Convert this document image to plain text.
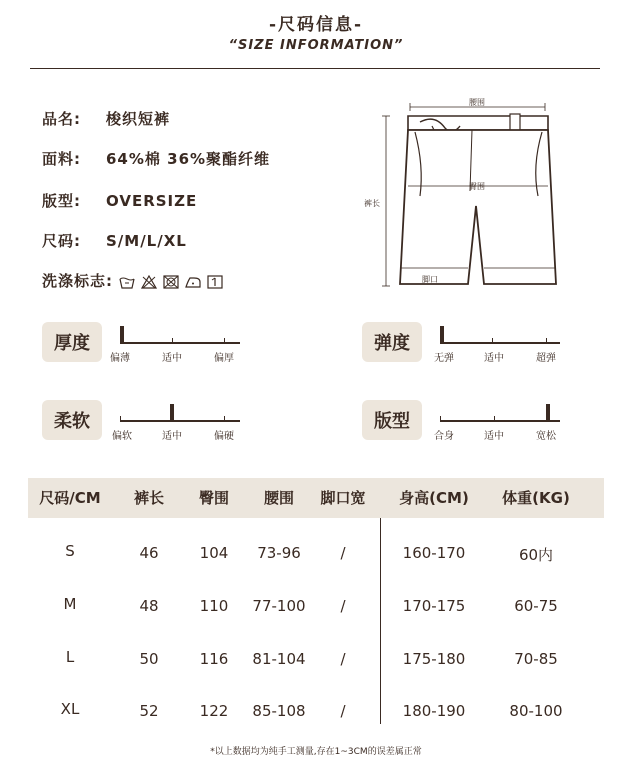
-尺码信息-
“SIZE INFORMATION”
品名: 梭织短裤
面料: 64%棉 36%聚酯纤维
版型: OVERSIZE
尺码: S/M/L/XL
洗涤标志:
腰围
臀围
裤长
脚口
厚度
偏薄	适中	偏厚
弹度
无弹	适中	超弹
柔软
偏软	适中	偏硬
版型
合身	适中	宽松
尺码/CM	裤长	臀围	腰围	脚口宽	身高(CM)	体重(KG)
S	46	104	73-96	/	160-170	60内
M	48	110	77-100	/	170-175	60-75
L	50	116	81-104	/	175-180	70-85
XL	52	122	85-108	/	180-190	80-100
*以上数据均为纯手工测量,存在1~3CM的误差属正常
